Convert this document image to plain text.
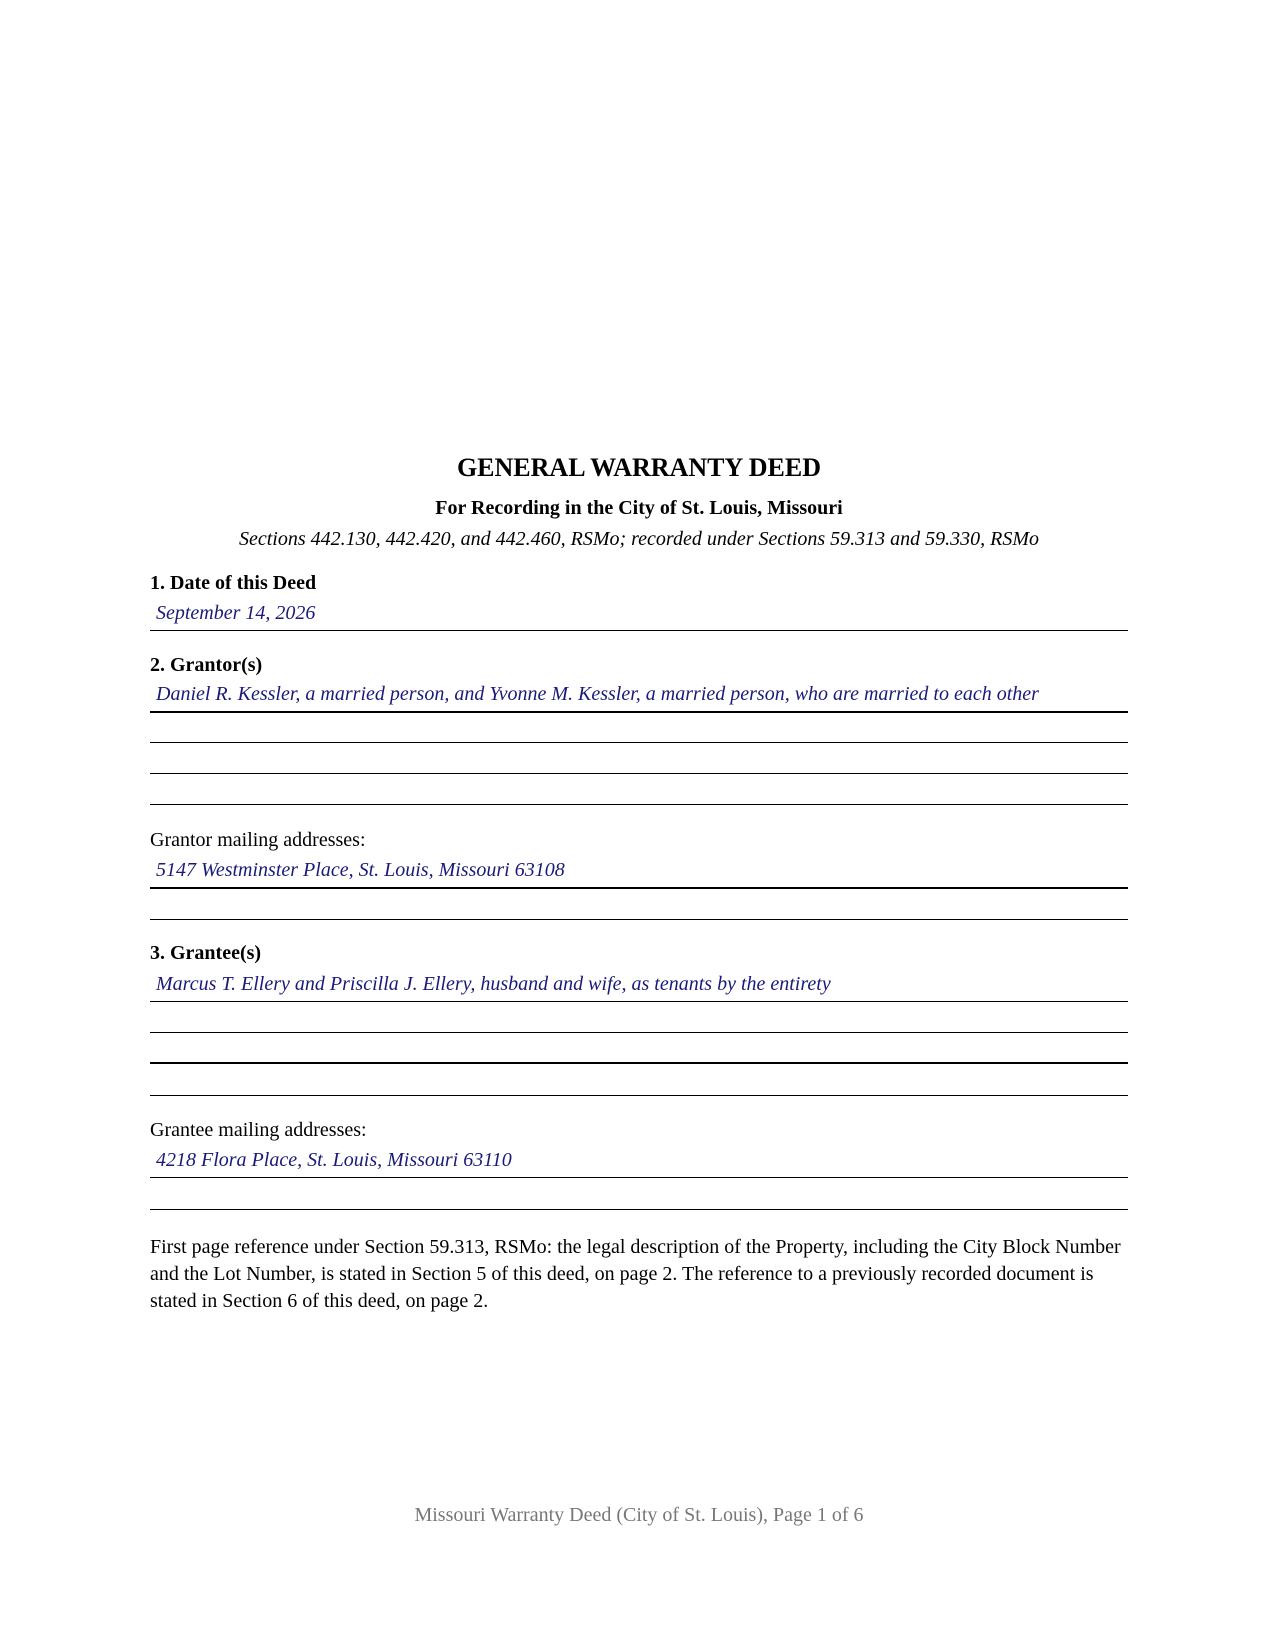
GENERAL WARRANTY DEED

For Recording in the City of St. Louis, Missouri

Sections 442.130, 442.420, and 442.460, RSMo; recorded under Sections 59.313 and 59.330, RSMo

1. Date of this Deed

September 14, 2026

2. Grantor(s)

Daniel R. Kessler, a married person, and Yvonne M. Kessler, a married person, who are married to each other

Grantor mailing addresses:

5147 Westminster Place, St. Louis, Missouri 63108

3. Grantee(s)

Marcus T. Ellery and Priscilla J. Ellery, husband and wife, as tenants by the entirety

Grantee mailing addresses:

4218 Flora Place, St. Louis, Missouri 63110

First page reference under Section 59.313, RSMo: the legal description of the Property, including the City Block Number and the Lot Number, is stated in Section 5 of this deed, on page 2. The reference to a previously recorded document is stated in Section 6 of this deed, on page 2.

Missouri Warranty Deed (City of St. Louis), Page 1 of 6
